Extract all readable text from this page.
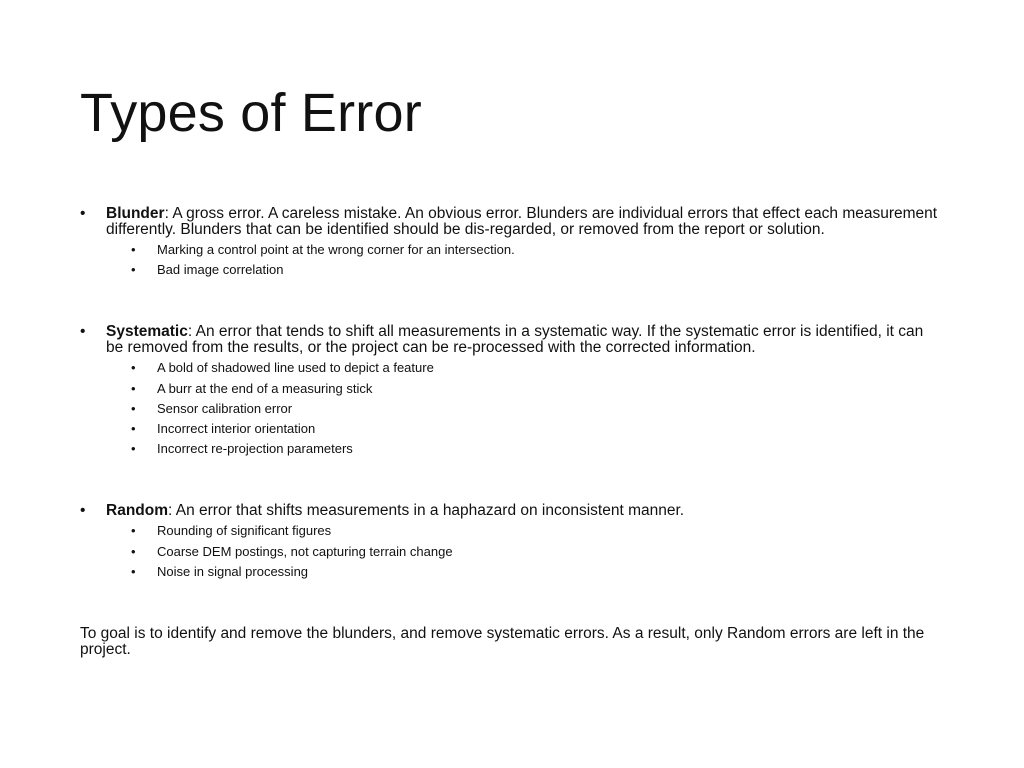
Types of Error
• Blunder: A gross error. A careless mistake. An obvious error. Blunders are individual errors that effect each measurement differently. Blunders that can be identified should be dis-regarded, or removed from the report or solution.
• Marking a control point at the wrong corner for an intersection.
• Bad image correlation
• Systematic: An error that tends to shift all measurements in a systematic way. If the systematic error is identified, it can be removed from the results, or the project can be re-processed with the corrected information.
• A bold of shadowed line used to depict a feature
• A burr at the end of a measuring stick
• Sensor calibration error
• Incorrect interior orientation
• Incorrect re-projection parameters
• Random: An error that shifts measurements in a haphazard on inconsistent manner.
• Rounding of significant figures
• Coarse DEM postings, not capturing terrain change
• Noise in signal processing

To goal is to identify and remove the blunders, and remove systematic errors. As a result, only Random errors are left in the project.
